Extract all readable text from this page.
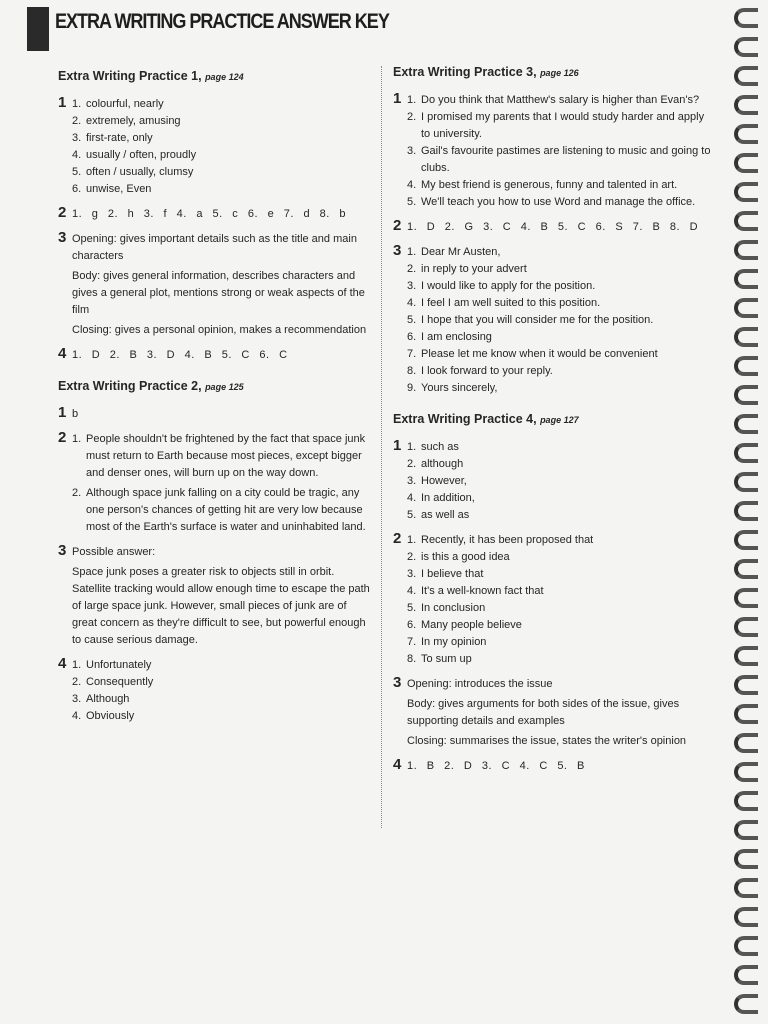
EXTRA WRITING PRACTICE ANSWER KEY
Extra Writing Practice 1, page 124
1 1. colourful, nearly
2. extremely, amusing
3. first-rate, only
4. usually / often, proudly
5. often / usually, clumsy
6. unwise, Even
2 1. g 2. h 3. f 4. a 5. c 6. e 7. d 8. b
3 Opening: gives important details such as the title and main characters
Body: gives general information, describes characters and gives a general plot, mentions strong or weak aspects of the film
Closing: gives a personal opinion, makes a recommendation
4 1. D 2. B 3. D 4. B 5. C 6. C
Extra Writing Practice 2, page 125
1 b
2 1. People shouldn't be frightened by the fact that space junk must return to Earth because most pieces, except bigger and denser ones, will burn up on the way down.
2. Although space junk falling on a city could be tragic, any one person's chances of getting hit are very low because most of the Earth's surface is water and uninhabited land.
3 Possible answer:
Space junk poses a greater risk to objects still in orbit. Satellite tracking would allow enough time to escape the path of large space junk. However, small pieces of junk are of great concern as they're difficult to see, but powerful enough to cause serious damage.
4 1. Unfortunately
2. Consequently
3. Although
4. Obviously
Extra Writing Practice 3, page 126
1 1. Do you think that Matthew's salary is higher than Evan's?
2. I promised my parents that I would study harder and apply to university.
3. Gail's favourite pastimes are listening to music and going to clubs.
4. My best friend is generous, funny and talented in art.
5. We'll teach you how to use Word and manage the office.
2 1. D 2. G 3. C 4. B 5. C 6. S 7. B 8. D
3 1. Dear Mr Austen,
2. in reply to your advert
3. I would like to apply for the position.
4. I feel I am well suited to this position.
5. I hope that you will consider me for the position.
6. I am enclosing
7. Please let me know when it would be convenient
8. I look forward to your reply.
9. Yours sincerely,
Extra Writing Practice 4, page 127
1 1. such as
2. although
3. However,
4. In addition,
5. as well as
2 1. Recently, it has been proposed that
2. is this a good idea
3. I believe that
4. It's a well-known fact that
5. In conclusion
6. Many people believe
7. In my opinion
8. To sum up
3 Opening: introduces the issue
Body: gives arguments for both sides of the issue, gives supporting details and examples
Closing: summarises the issue, states the writer's opinion
4 1. B 2. D 3. C 4. C 5. B
